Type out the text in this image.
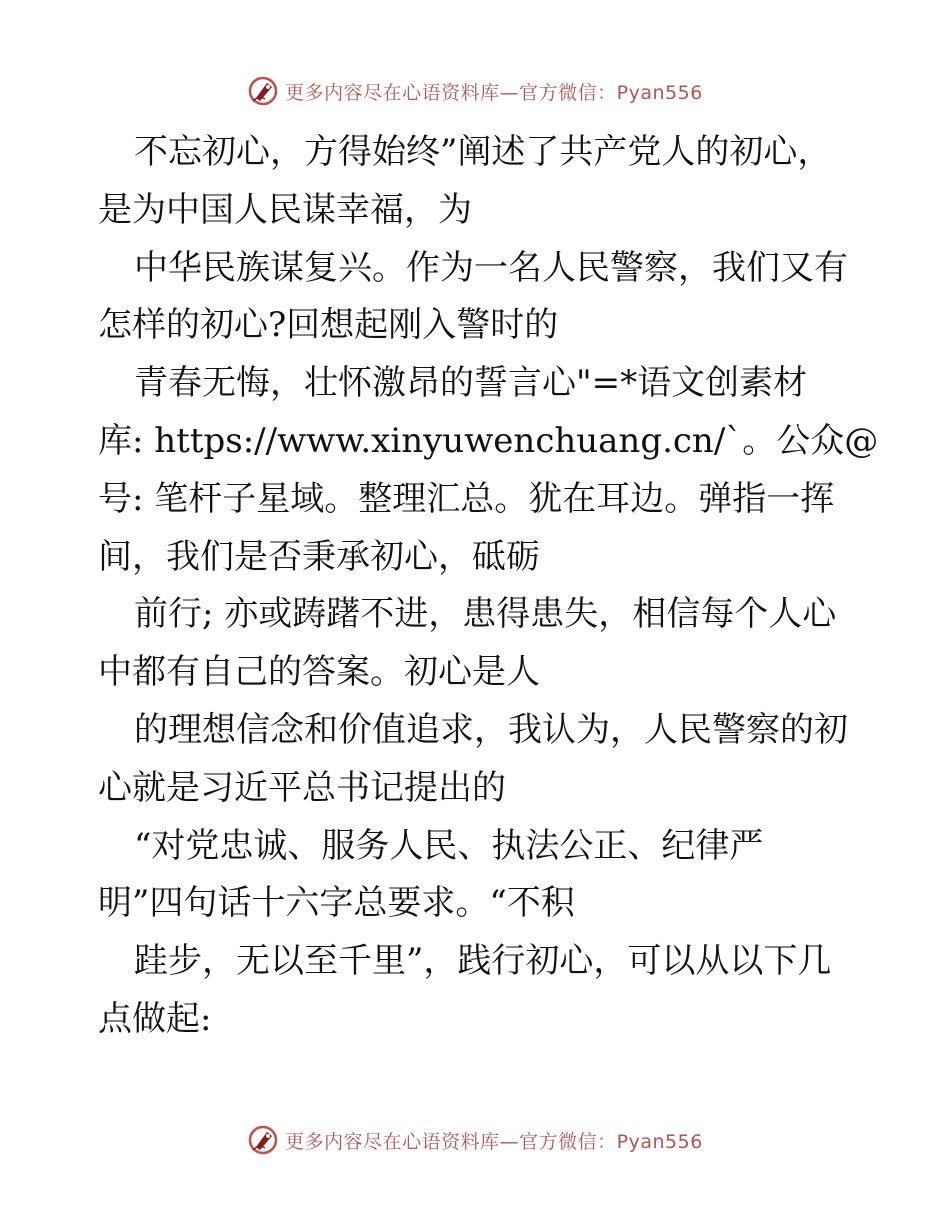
更多内容尽在心语资料库—官方微信：Pyan556
不忘初心，方得始终”阐述了共产党人的初心，
是为中国人民谋幸福，为
中华民族谋复兴。作为一名人民警察，我们又有
怎样的初心?回想起刚入警时的
青春无悔，壮怀激昂的誓言心"=*语文创素材
库: https://www.xinyuwenchuang.cn/`。公众@
号: 笔杆子星域。整理汇总。犹在耳边。弹指一挥
间，我们是否秉承初心，砥砺
前行; 亦或踌躇不进，患得患失，相信每个人心
中都有自己的答案。初心是人
的理想信念和价值追求，我认为，人民警察的初
心就是习近平总书记提出的
“对党忠诚、服务人民、执法公正、纪律严
明”四句话十六字总要求。“不积
跬步，无以至千里”，践行初心，可以从以下几
点做起:
更多内容尽在心语资料库—官方微信：Pyan556
